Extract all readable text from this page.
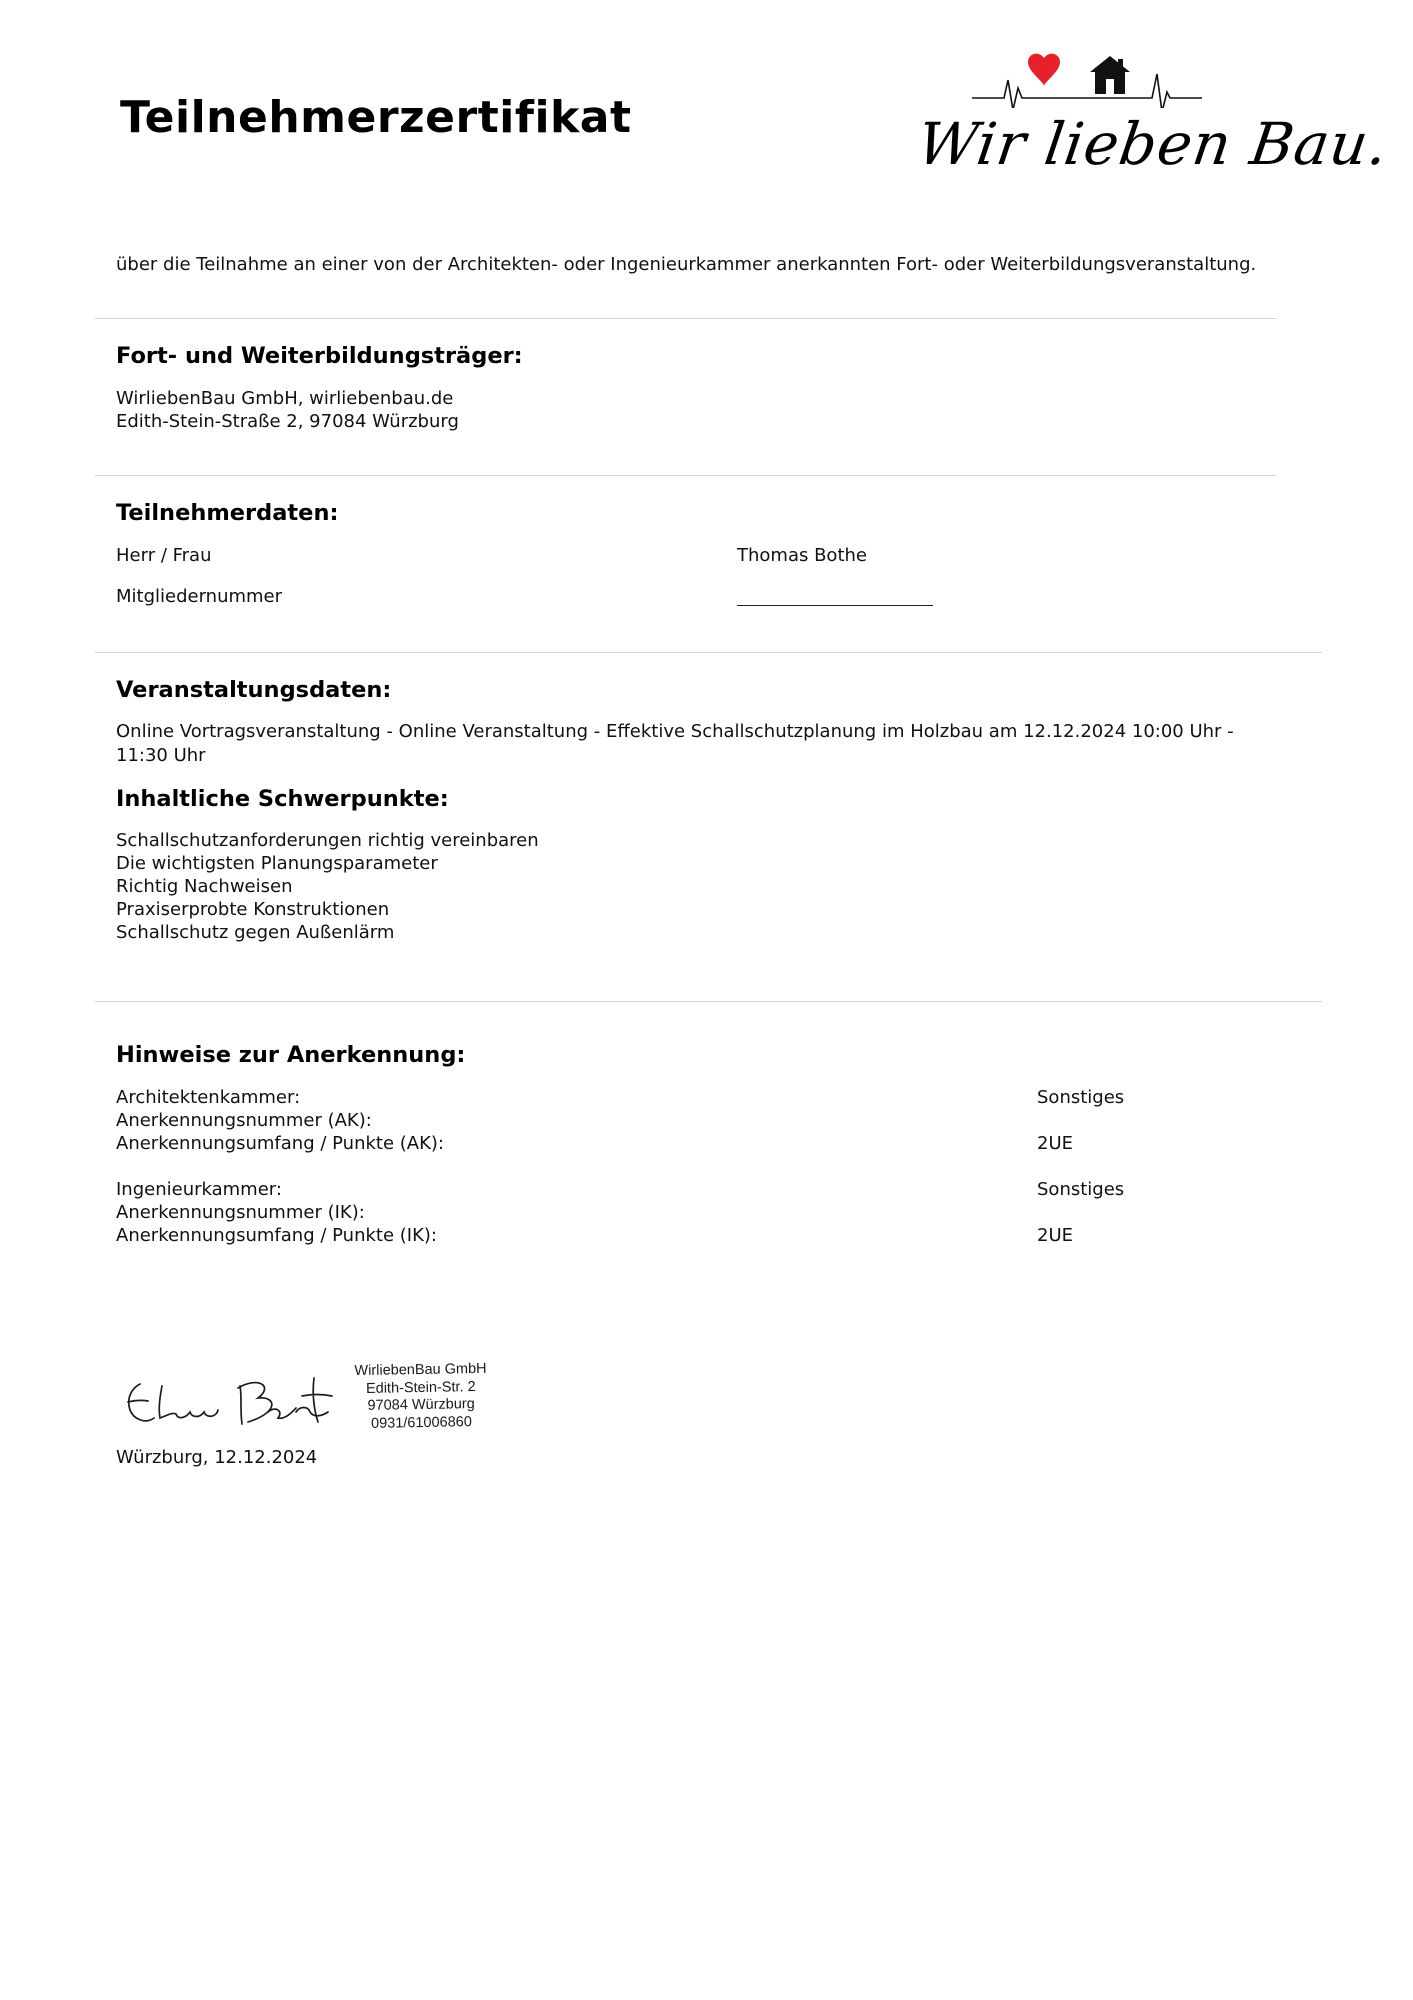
Teilnehmerzertifikat	Wir lieben Bau.

über die Teilnahme an einer von der Architekten- oder Ingenieurkammer anerkannten Fort- oder Weiterbildungsveranstaltung.

Fort- und Weiterbildungsträger:

WirliebenBau GmbH, wirliebenbau.de

Edith-Stein-Straße 2, 97084 Würzburg

Teilnehmerdaten:

Herr / Frau	Thomas Bothe

Mitgliedernummer

Veranstaltungsdaten:

Online Vortragsveranstaltung - Online Veranstaltung - Effektive Schallschutzplanung im Holzbau am 12.12.2024 10:00 Uhr - 11:30 Uhr

Inhaltliche Schwerpunkte:

Schallschutzanforderungen richtig vereinbaren

Die wichtigsten Planungsparameter

Richtig Nachweisen

Praxiserprobte Konstruktionen

Schallschutz gegen Außenlärm

Hinweise zur Anerkennung:

Architektenkammer:	Sonstiges

Anerkennungsnummer (AK):

Anerkennungsumfang / Punkte (AK):	2UE

Ingenieurkammer:	Sonstiges

Anerkennungsnummer (IK):

Anerkennungsumfang / Punkte (IK):	2UE

WirliebenBau GmbH
Edith-Stein-Str. 2
97084 Würzburg
0931/61006860

Würzburg, 12.12.2024
